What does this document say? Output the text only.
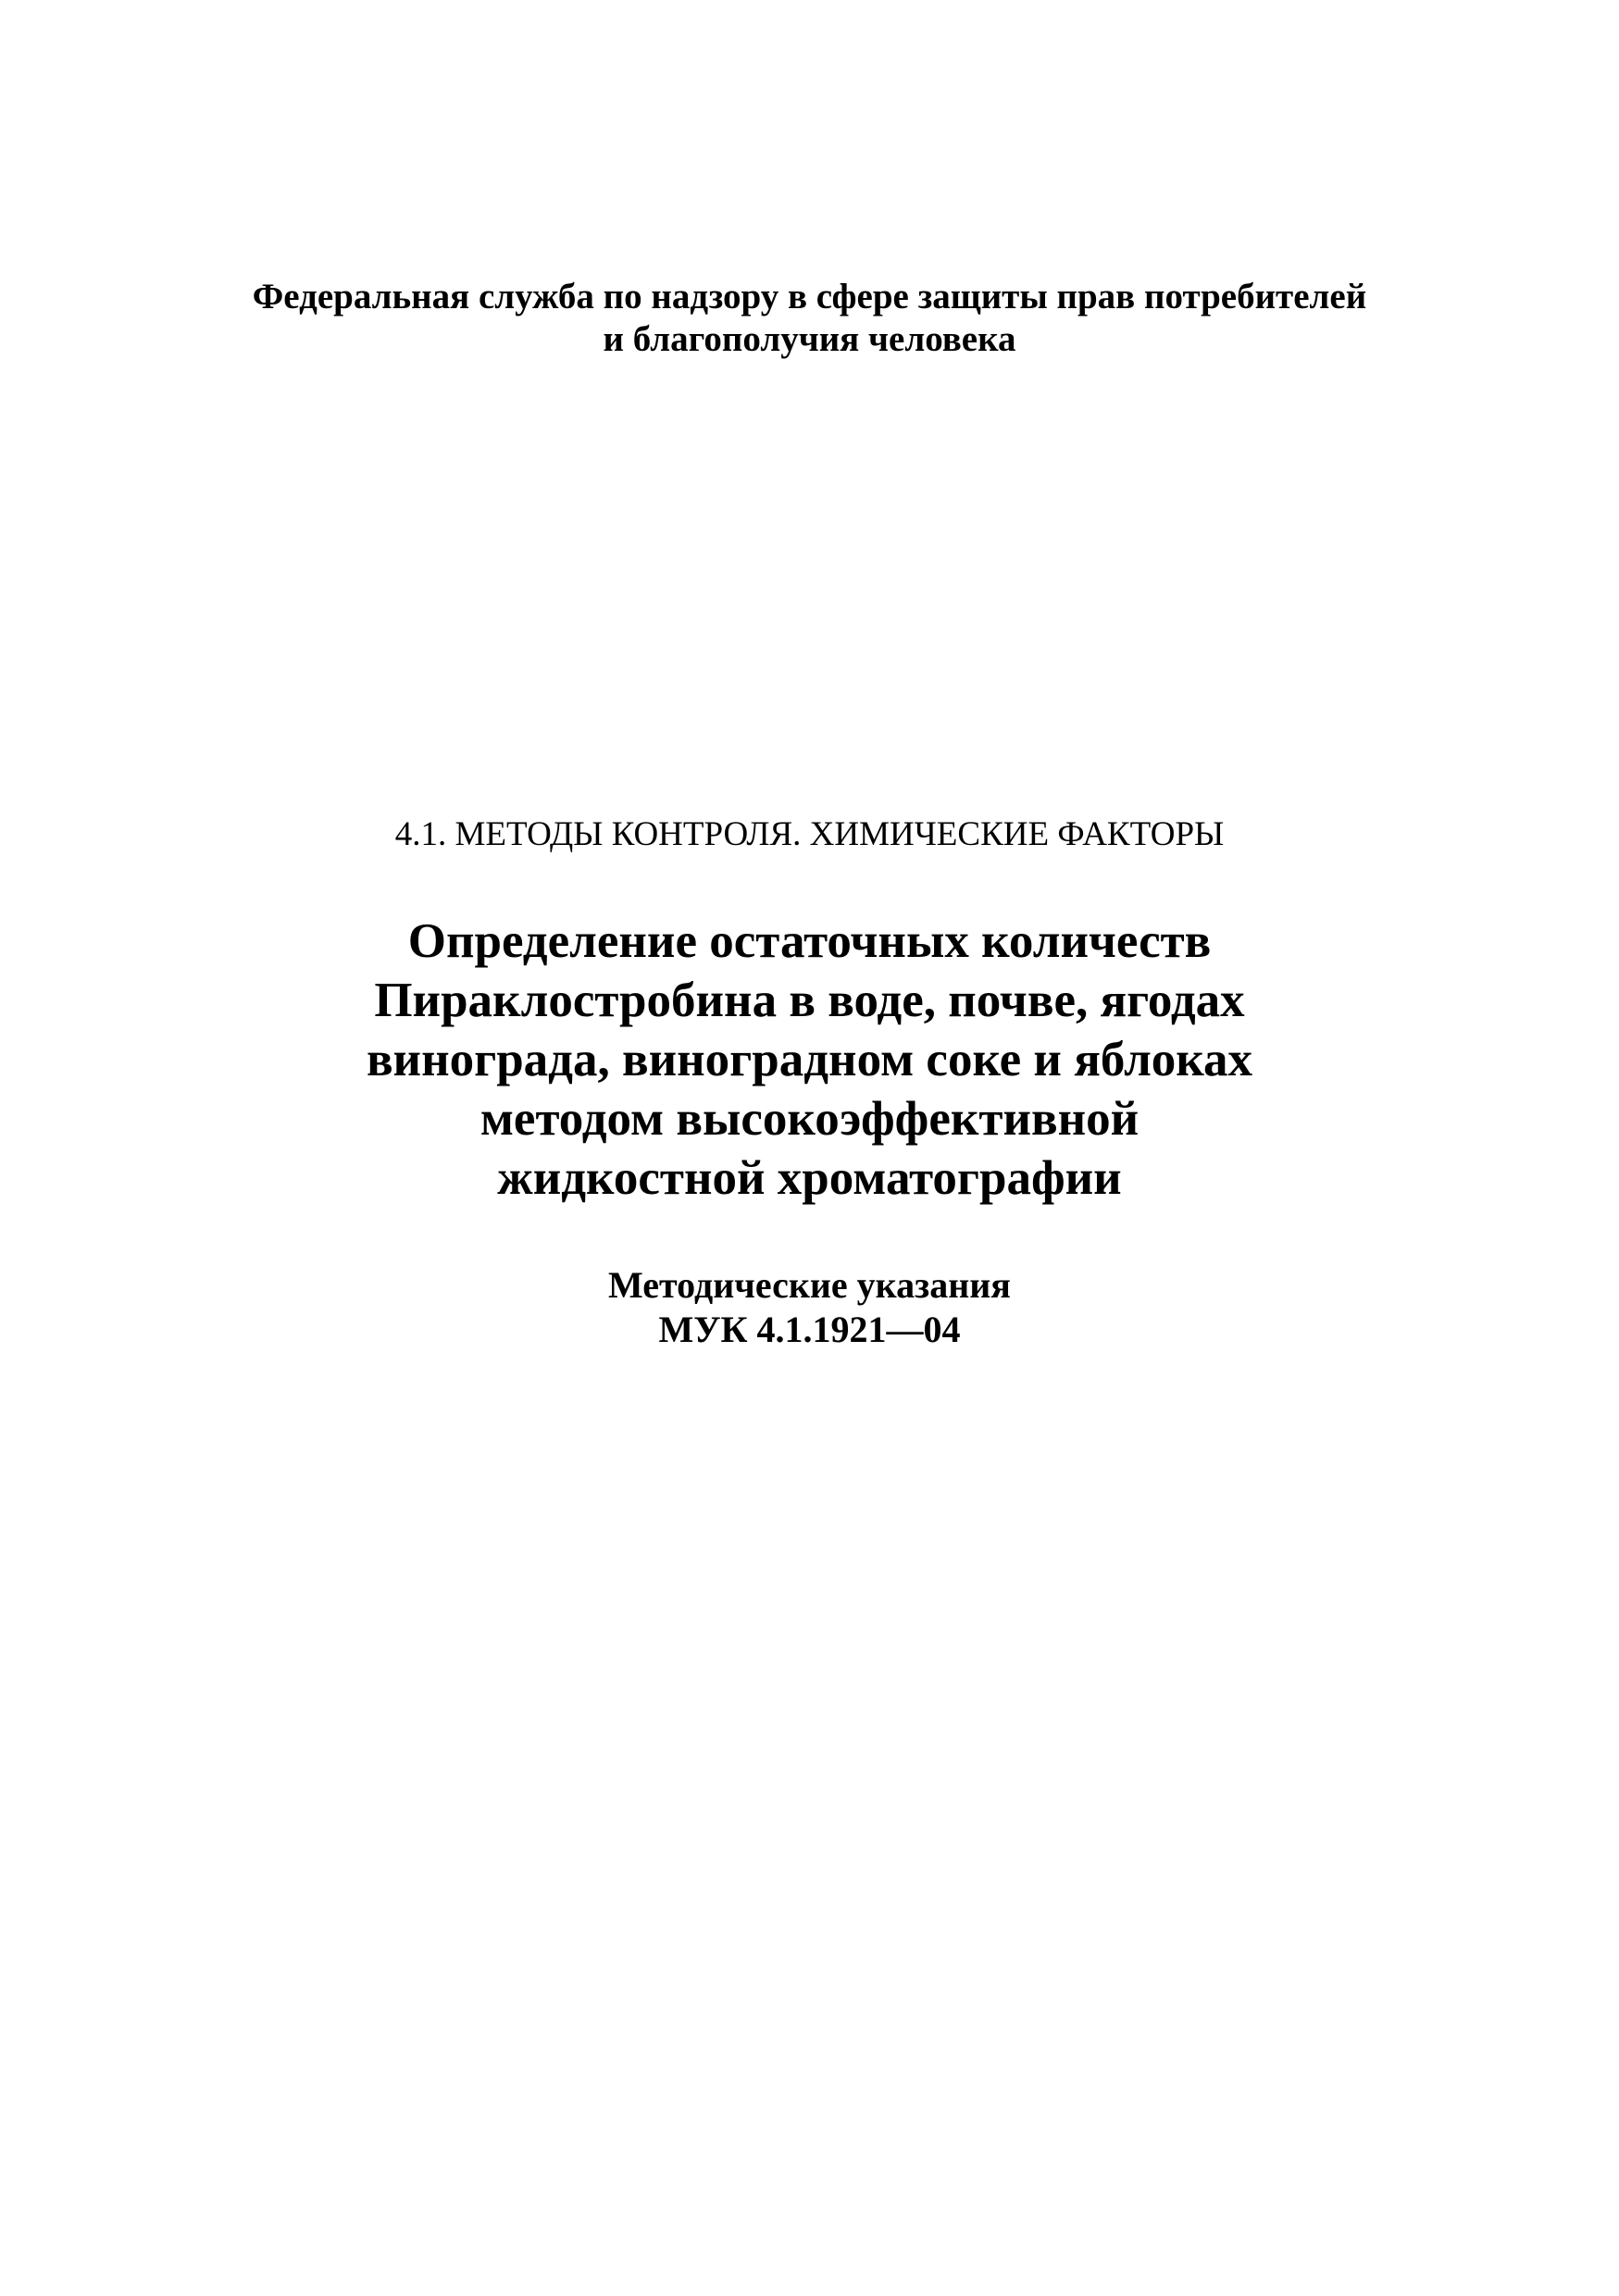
Федеральная служба по надзору в сфере защиты прав потребителей
и благополучия человека
4.1. МЕТОДЫ КОНТРОЛЯ. ХИМИЧЕСКИЕ ФАКТОРЫ
Определение остаточных количеств
Пираклостробина в воде, почве, ягодах
винограда, виноградном соке и яблоках
методом высокоэффективной
жидкостной хроматографии
Методические указания
МУК 4.1.1921—04
